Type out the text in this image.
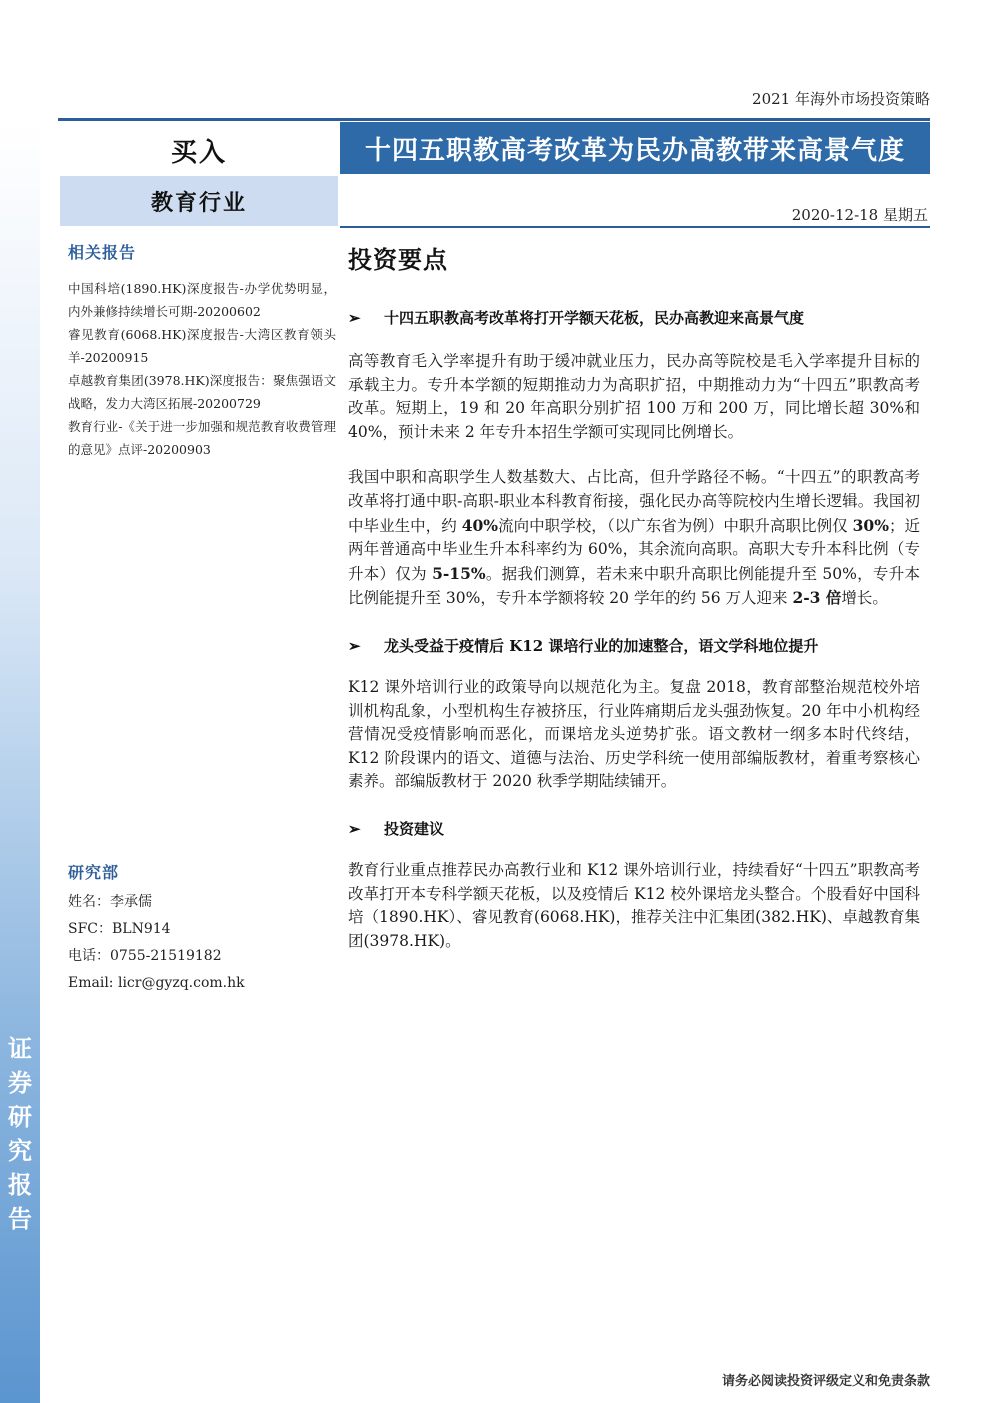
证
券
研
究
报
告
2021 年海外市场投资策略
买入	十四五职教高考改革为民办高教带来高景气度
教育行业	2020-12-18 星期五
相关报告
中国科培(1890.HK)深度报告-办学优势明显，内外兼修持续增长可期-20200602
睿见教育(6068.HK)深度报告-大湾区教育领头羊-20200915
卓越教育集团(3978.HK)深度报告：聚焦强语文战略，发力大湾区拓展-20200729
教育行业-《关于进一步加强和规范教育收费管理的意见》点评-20200903
研究部
姓名：李承儒
SFC：BLN914
电话：0755-21519182
Email: licr@gyzq.com.hk
投资要点
➢	十四五职教高考改革将打开学额天花板，民办高教迎来高景气度
高等教育毛入学率提升有助于缓冲就业压力，民办高等院校是毛入学率提升目标的承载主力。专升本学额的短期推动力为高职扩招，中期推动力为“十四五”职教高考改革。短期上，19 和 20 年高职分别扩招 100 万和 200 万，同比增长超 30%和 40%，预计未来 2 年专升本招生学额可实现同比例增长。
我国中职和高职学生人数基数大、占比高，但升学路径不畅。“十四五”的职教高考改革将打通中职-高职-职业本科教育衔接，强化民办高等院校内生增长逻辑。我国初中毕业生中，约 40%流向中职学校，（以广东省为例）中职升高职比例仅 30%；近两年普通高中毕业生升本科率约为 60%，其余流向高职。高职大专升本科比例（专升本）仅为 5-15%。据我们测算，若未来中职升高职比例能提升至 50%，专升本比例能提升至 30%，专升本学额将较 20 学年的约 56 万人迎来 2-3 倍增长。
➢	龙头受益于疫情后 K12 课培行业的加速整合，语文学科地位提升
K12 课外培训行业的政策导向以规范化为主。复盘 2018，教育部整治规范校外培训机构乱象，小型机构生存被挤压，行业阵痛期后龙头强劲恢复。20 年中小机构经营情况受疫情影响而恶化，而课培龙头逆势扩张。语文教材一纲多本时代终结，K12 阶段课内的语文、道德与法治、历史学科统一使用部编版教材，着重考察核心素养。部编版教材于 2020 秋季学期陆续铺开。
➢	投资建议
教育行业重点推荐民办高教行业和 K12 课外培训行业，持续看好“十四五”职教高考改革打开本专科学额天花板，以及疫情后 K12 校外课培龙头整合。个股看好中国科培（1890.HK）、睿见教育(6068.HK)，推荐关注中汇集团(382.HK)、卓越教育集团(3978.HK)。
请务必阅读投资评级定义和免责条款
